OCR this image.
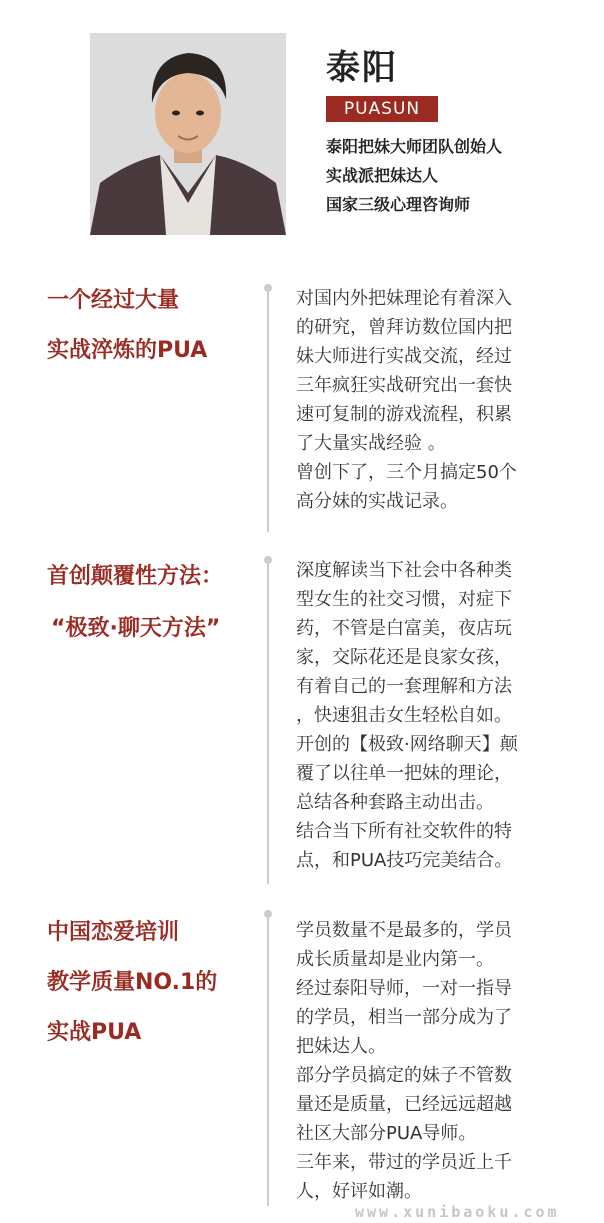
泰阳
PUASUN
泰阳把妹大师团队创始人
实战派把妹达人
国家三级心理咨询师
一个经过大量
实战淬炼的PUA
对国内外把妹理论有着深入
的研究，曾拜访数位国内把
妹大师进行实战交流，经过
三年疯狂实战研究出一套快
速可复制的游戏流程，积累
了大量实战经验 。
曾创下了，三个月搞定50个
高分妹的实战记录。
首创颠覆性方法：
“极致·聊天方法”
深度解读当下社会中各种类
型女生的社交习惯，对症下
药，不管是白富美，夜店玩
家，交际花还是良家女孩，
有着自己的一套理解和方法
，快速狙击女生轻松自如。
开创的【极致·网络聊天】颠
覆了以往单一把妹的理论，
总结各种套路主动出击。
结合当下所有社交软件的特
点，和PUA技巧完美结合。
中国恋爱培训
教学质量NO.1的
实战PUA
学员数量不是最多的，学员
成长质量却是业内第一。
经过泰阳导师，一对一指导
的学员，相当一部分成为了
把妹达人。
部分学员搞定的妹子不管数
量还是质量，已经远远超越
社区大部分PUA导师。
三年来，带过的学员近上千
人，好评如潮。
www.xunibaoku.com
